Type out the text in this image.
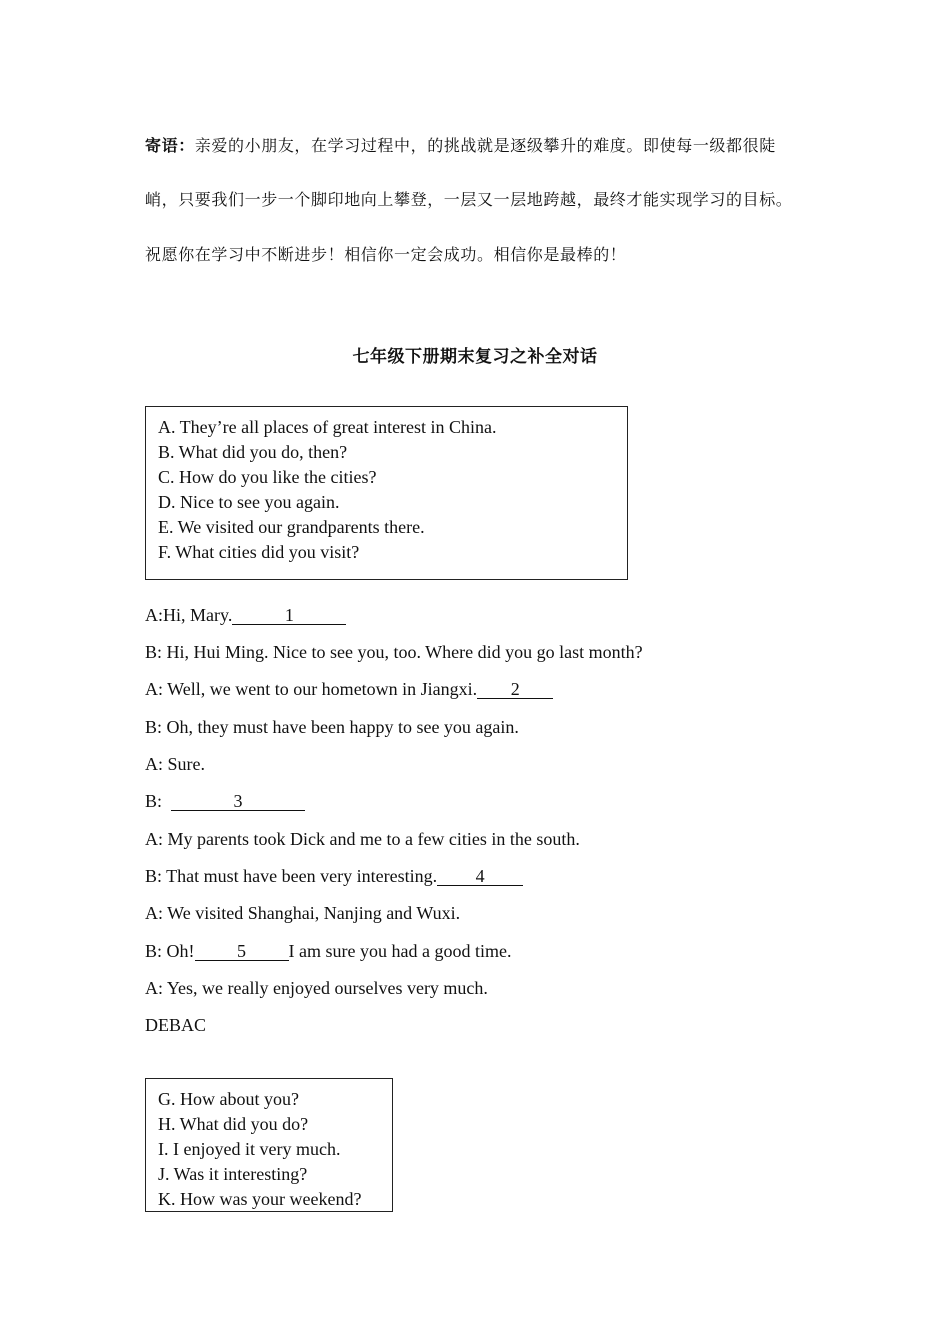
寄语：亲爱的小朋友，在学习过程中，的挑战就是逐级攀升的难度。即使每一级都很陡
峭，只要我们一步一个脚印地向上攀登，一层又一层地跨越，最终才能实现学习的目标。
祝愿你在学习中不断进步！相信你一定会成功。相信你是最棒的！
七年级下册期末复习之补全对话
A. They’re all places of great interest in China.
B. What did you do, then?
C. How do you like the cities?
D. Nice to see you again.
E. We visited our grandparents there.
F. What cities did you visit?
A:Hi, Mary.	1
B: Hi, Hui Ming. Nice to see you, too. Where did you go last month?
A: Well, we went to our hometown in Jiangxi. 2
B: Oh, they must have been happy to see you again.
A: Sure.
B:	3
A: My parents took Dick and me to a few cities in the south.
B: That must have been very interesting. 4
A: We visited Shanghai, Nanjing and Wuxi.
B: Oh! 5 I am sure you had a good time.
A: Yes, we really enjoyed ourselves very much.
DEBAC
G. How about you?
H. What did you do?
I. I enjoyed it very much.
J. Was it interesting?
K. How was your weekend?
